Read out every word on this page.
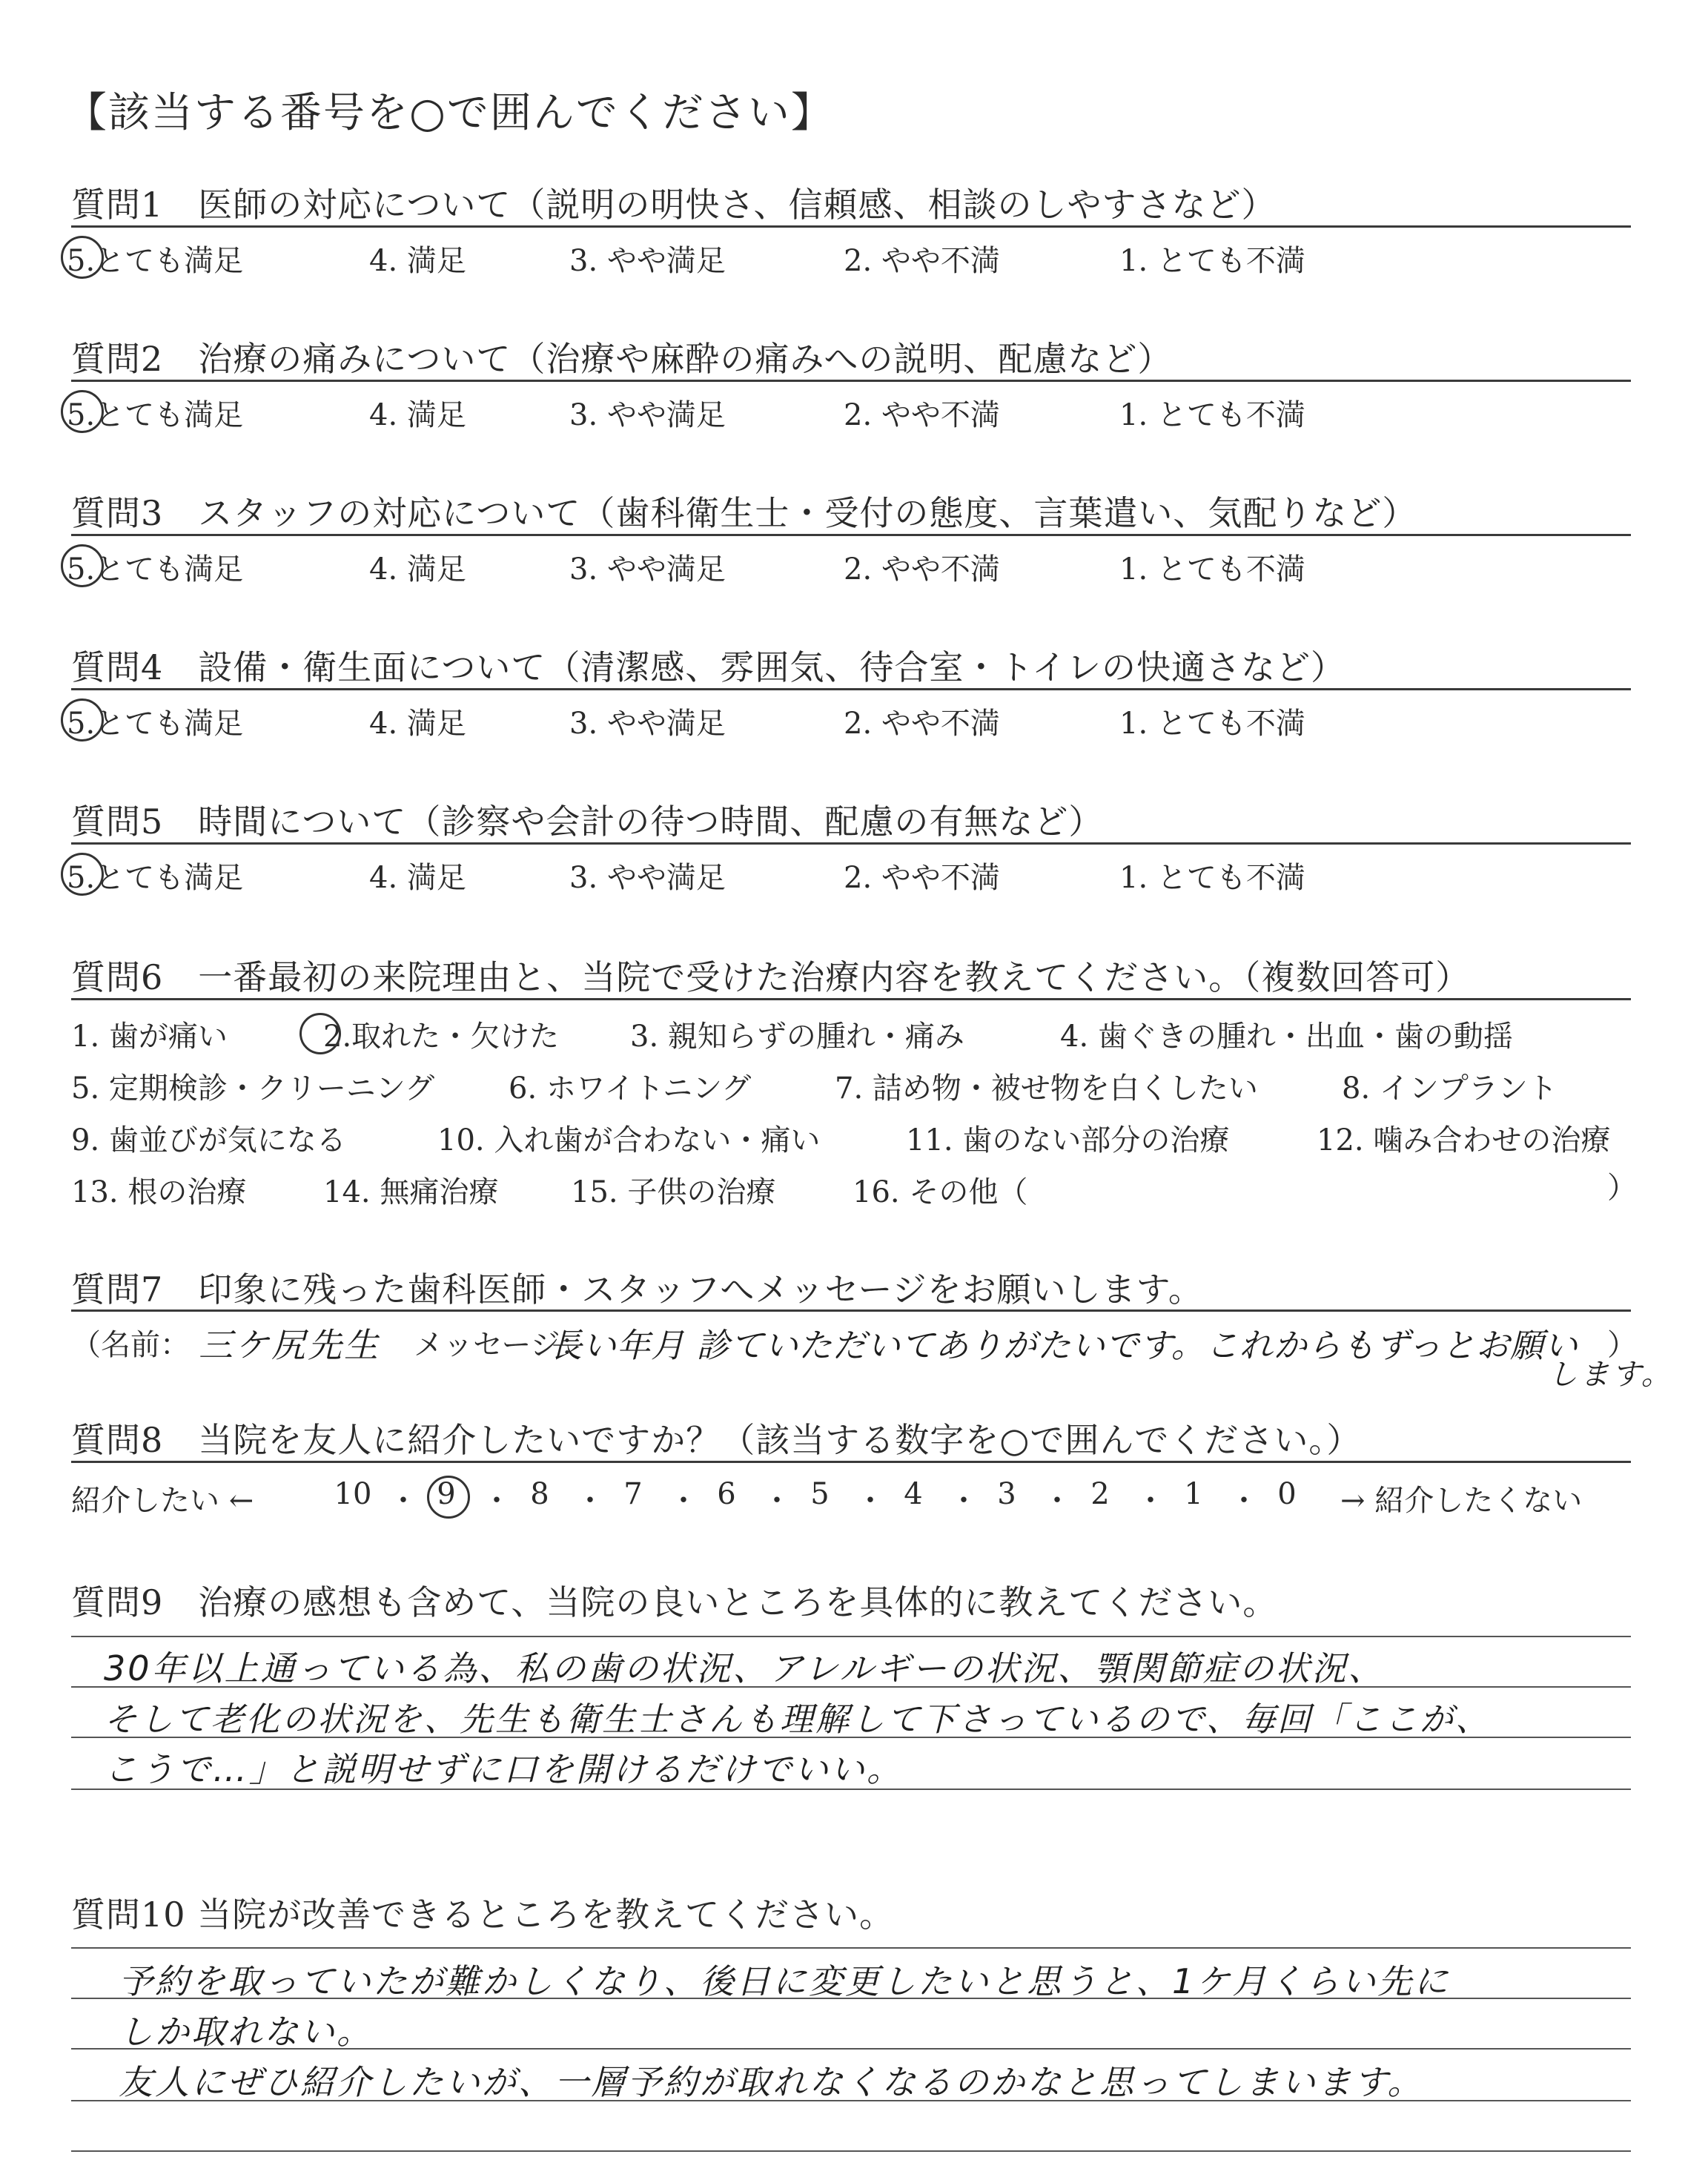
【該当する番号を○で囲んでください】
質問1　医師の対応について（説明の明快さ、信頼感、相談のしやすさなど）
5.とても満足	4. 満足	3. やや満足	2. やや不満	1. とても不満
質問2　治療の痛みについて（治療や麻酔の痛みへの説明、配慮など）
5.とても満足	4. 満足	3. やや満足	2. やや不満	1. とても不満
質問3　スタッフの対応について（歯科衛生士・受付の態度、言葉遣い、気配りなど）
5.とても満足	4. 満足	3. やや満足	2. やや不満	1. とても不満
質問4　設備・衛生面について（清潔感、雰囲気、待合室・トイレの快適さなど）
5.とても満足	4. 満足	3. やや満足	2. やや不満	1. とても不満
質問5　時間について（診察や会計の待つ時間、配慮の有無など）
5.とても満足	4. 満足	3. やや満足	2. やや不満	1. とても不満
質問6　一番最初の来院理由と、当院で受けた治療内容を教えてください。（複数回答可）
1. 歯が痛い	2.取れた・欠けた 3. 親知らずの腫れ・痛み	4. 歯ぐきの腫れ・出血・歯の動揺
5. 定期検診・クリーニング 6. ホワイトニング	7. 詰め物・被せ物を白くしたい	8. インプラント
9. 歯並びが気になる	10. 入れ歯が合わない・痛い	11. 歯のない部分の治療	12. 噛み合わせの治療
13. 根の治療	14. 無痛治療 15. 子供の治療	16. その他（	）
質問7　印象に残った歯科医師・スタッフへメッセージをお願いします。
（名前： 三ケ尻先生 メッセージ：
長い年月 診ていただいてありがたいです。これからもずっとお願い
します。
）
質問8　当院を友人に紹介したいですか？（該当する数字を○で囲んでください。）
紹介したい ←	10 ・ 9 ・ 8 ・ 7 ・ 6 ・ 5 ・ 4 ・ 3 ・ 2 ・ 1 ・ 0	→ 紹介したくない
質問9　治療の感想も含めて、当院の良いところを具体的に教えてください。
30年以上通っている為、私の歯の状況、アレルギーの状況、顎関節症の状況、
そして老化の状況を、先生も衛生士さんも理解して下さっているので、毎回「ここが、
こうで…」と説明せずに口を開けるだけでいい。
質問10 当院が改善できるところを教えてください。
予約を取っていたが難かしくなり、後日に変更したいと思うと、1ケ月くらい先に
しか取れない。
友人にぜひ紹介したいが、一層予約が取れなくなるのかなと思ってしまいます。
